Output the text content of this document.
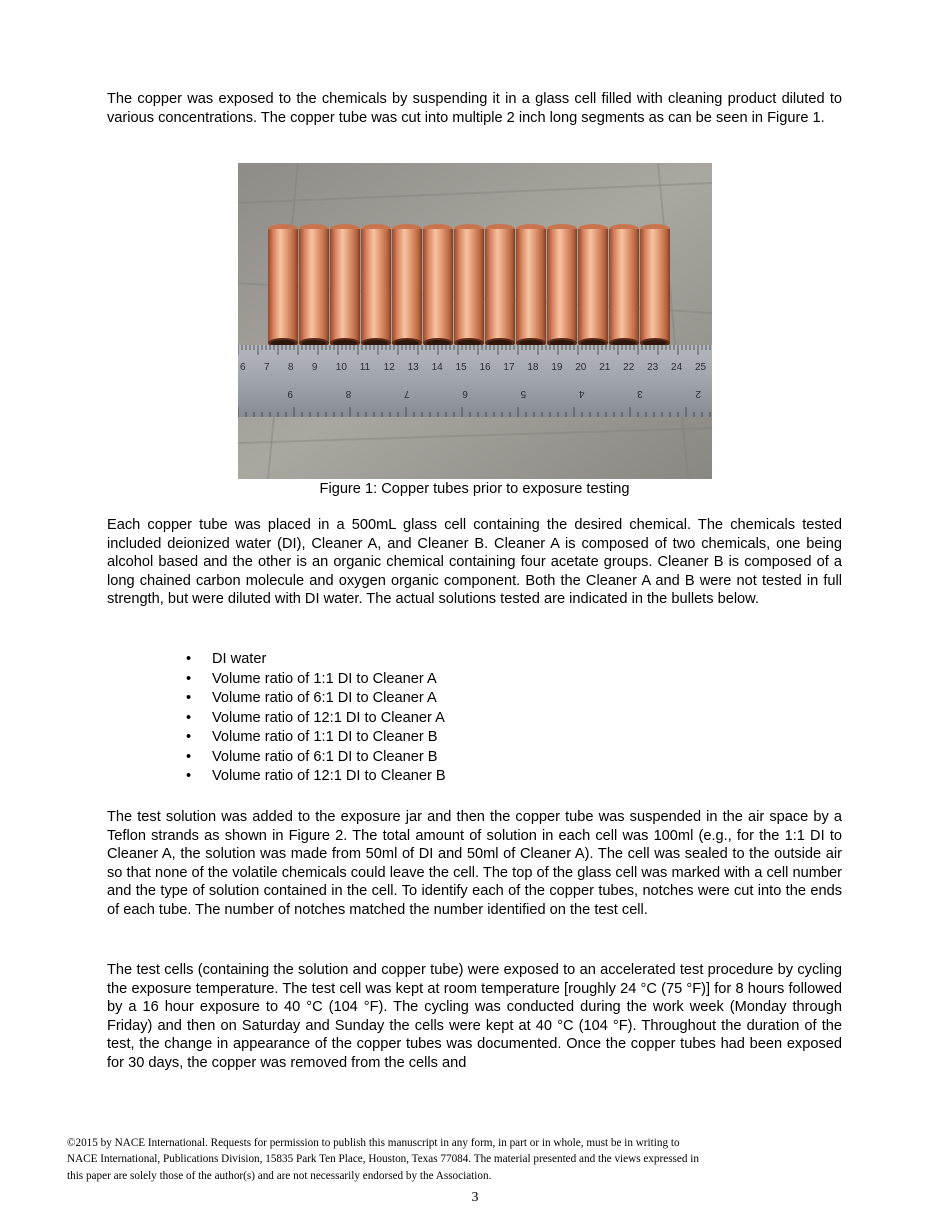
The copper was exposed to the chemicals by suspending it in a glass cell filled with cleaning product diluted to various concentrations. The copper tube was cut into multiple 2 inch long segments as can be seen in Figure 1.

6 7 8 9 10 11 12 13 14 15 16 17 18 19 20 21 22 23 24 25
9	8	7	6	5	4	3	2

Figure 1: Copper tubes prior to exposure testing

Each copper tube was placed in a 500mL glass cell containing the desired chemical. The chemicals tested included deionized water (DI), Cleaner A, and Cleaner B. Cleaner A is composed of two chemicals, one being alcohol based and the other is an organic chemical containing four acetate groups. Cleaner B is composed of a long chained carbon molecule and oxygen organic component. Both the Cleaner A and B were not tested in full strength, but were diluted with DI water. The actual solutions tested are indicated in the bullets below.

• DI water
• Volume ratio of 1:1 DI to Cleaner A
• Volume ratio of 6:1 DI to Cleaner A
• Volume ratio of 12:1 DI to Cleaner A
• Volume ratio of 1:1 DI to Cleaner B
• Volume ratio of 6:1 DI to Cleaner B
• Volume ratio of 12:1 DI to Cleaner B

The test solution was added to the exposure jar and then the copper tube was suspended in the air space by a Teflon strands as shown in Figure 2. The total amount of solution in each cell was 100ml (e.g., for the 1:1 DI to Cleaner A, the solution was made from 50ml of DI and 50ml of Cleaner A). The cell was sealed to the outside air so that none of the volatile chemicals could leave the cell. The top of the glass cell was marked with a cell number and the type of solution contained in the cell. To identify each of the copper tubes, notches were cut into the ends of each tube. The number of notches matched the number identified on the test cell.

The test cells (containing the solution and copper tube) were exposed to an accelerated test procedure by cycling the exposure temperature. The test cell was kept at room temperature [roughly 24 °C (75 °F)] for 8 hours followed by a 16 hour exposure to 40 °C (104 °F). The cycling was conducted during the work week (Monday through Friday) and then on Saturday and Sunday the cells were kept at 40 °C (104 °F). Throughout the duration of the test, the change in appearance of the copper tubes was documented. Once the copper tubes had been exposed for 30 days, the copper was removed from the cells and

©2015 by NACE International. Requests for permission to publish this manuscript in any form, in part or in whole, must be in writing to
NACE International, Publications Division, 15835 Park Ten Place, Houston, Texas 77084. The material presented and the views expressed in
this paper are solely those of the author(s) and are not necessarily endorsed by the Association.

3
